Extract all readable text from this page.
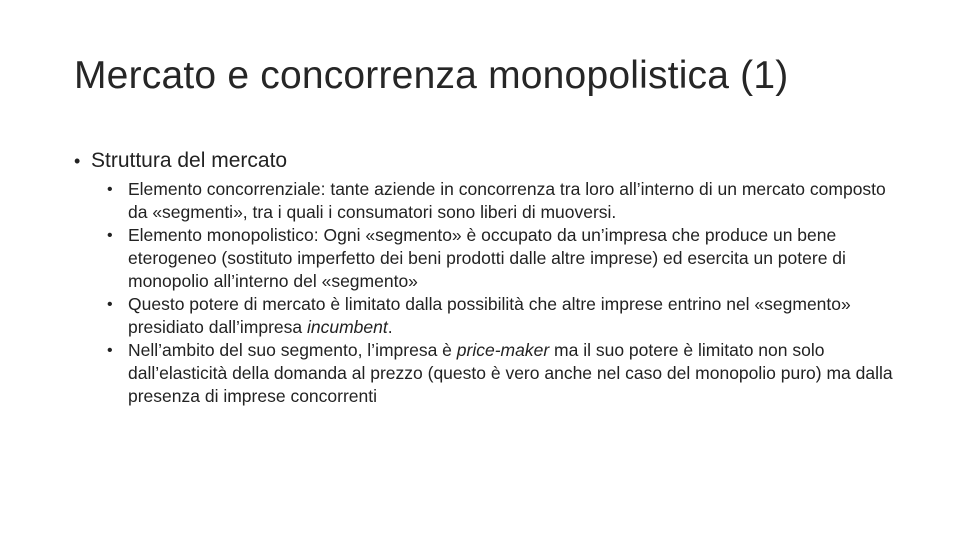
Mercato e concorrenza monopolistica (1)
• Struttura del mercato
• Elemento concorrenziale: tante aziende in concorrenza tra loro all’interno di un mercato composto da «segmenti», tra i quali i consumatori sono liberi di muoversi.
• Elemento monopolistico: Ogni «segmento» è occupato da un’impresa che produce un bene eterogeneo (sostituto imperfetto dei beni prodotti dalle altre imprese) ed esercita un potere di monopolio all’interno del «segmento»
• Questo potere di mercato è limitato dalla possibilità che altre imprese entrino nel «segmento» presidiato dall’impresa incumbent.
• Nell’ambito del suo segmento, l’impresa è price-maker ma il suo potere è limitato non solo dall’elasticità della domanda al prezzo (questo è vero anche nel caso del monopolio puro) ma dalla presenza di imprese concorrenti
